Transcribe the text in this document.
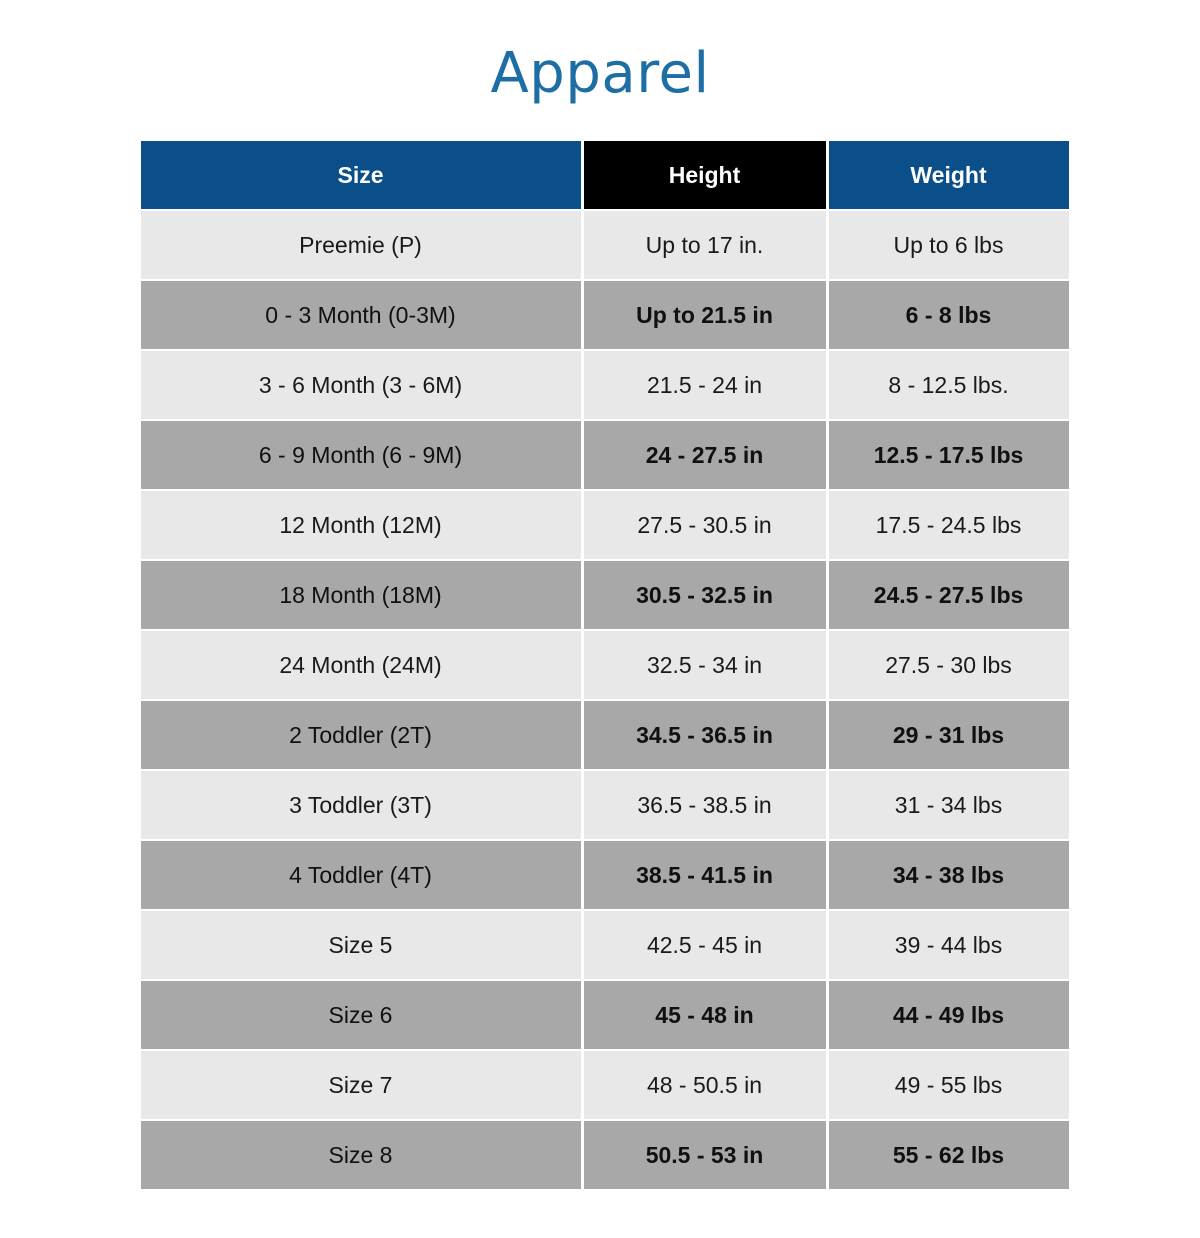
Apparel
Size	Height	Weight
Preemie (P)	Up to 17 in.	Up to 6 lbs
0 - 3 Month (0-3M)	Up to 21.5 in	6 - 8 lbs
3 - 6 Month (3 - 6M)	21.5 - 24 in	8 - 12.5 lbs.
6 - 9 Month (6 - 9M)	24 - 27.5 in	12.5 - 17.5 lbs
12 Month (12M)	27.5 - 30.5 in	17.5 - 24.5 lbs
18 Month (18M)	30.5 - 32.5 in	24.5 - 27.5 lbs
24 Month (24M)	32.5 - 34 in	27.5 - 30 lbs
2 Toddler (2T)	34.5 - 36.5 in	29 - 31 lbs
3 Toddler (3T)	36.5 - 38.5 in	31 - 34 lbs
4 Toddler (4T)	38.5 - 41.5 in	34 - 38 lbs
Size 5	42.5 - 45 in	39 - 44 lbs
Size 6	45 - 48 in	44 - 49 lbs
Size 7	48 - 50.5 in	49 - 55 lbs
Size 8	50.5 - 53 in	55 - 62 lbs
